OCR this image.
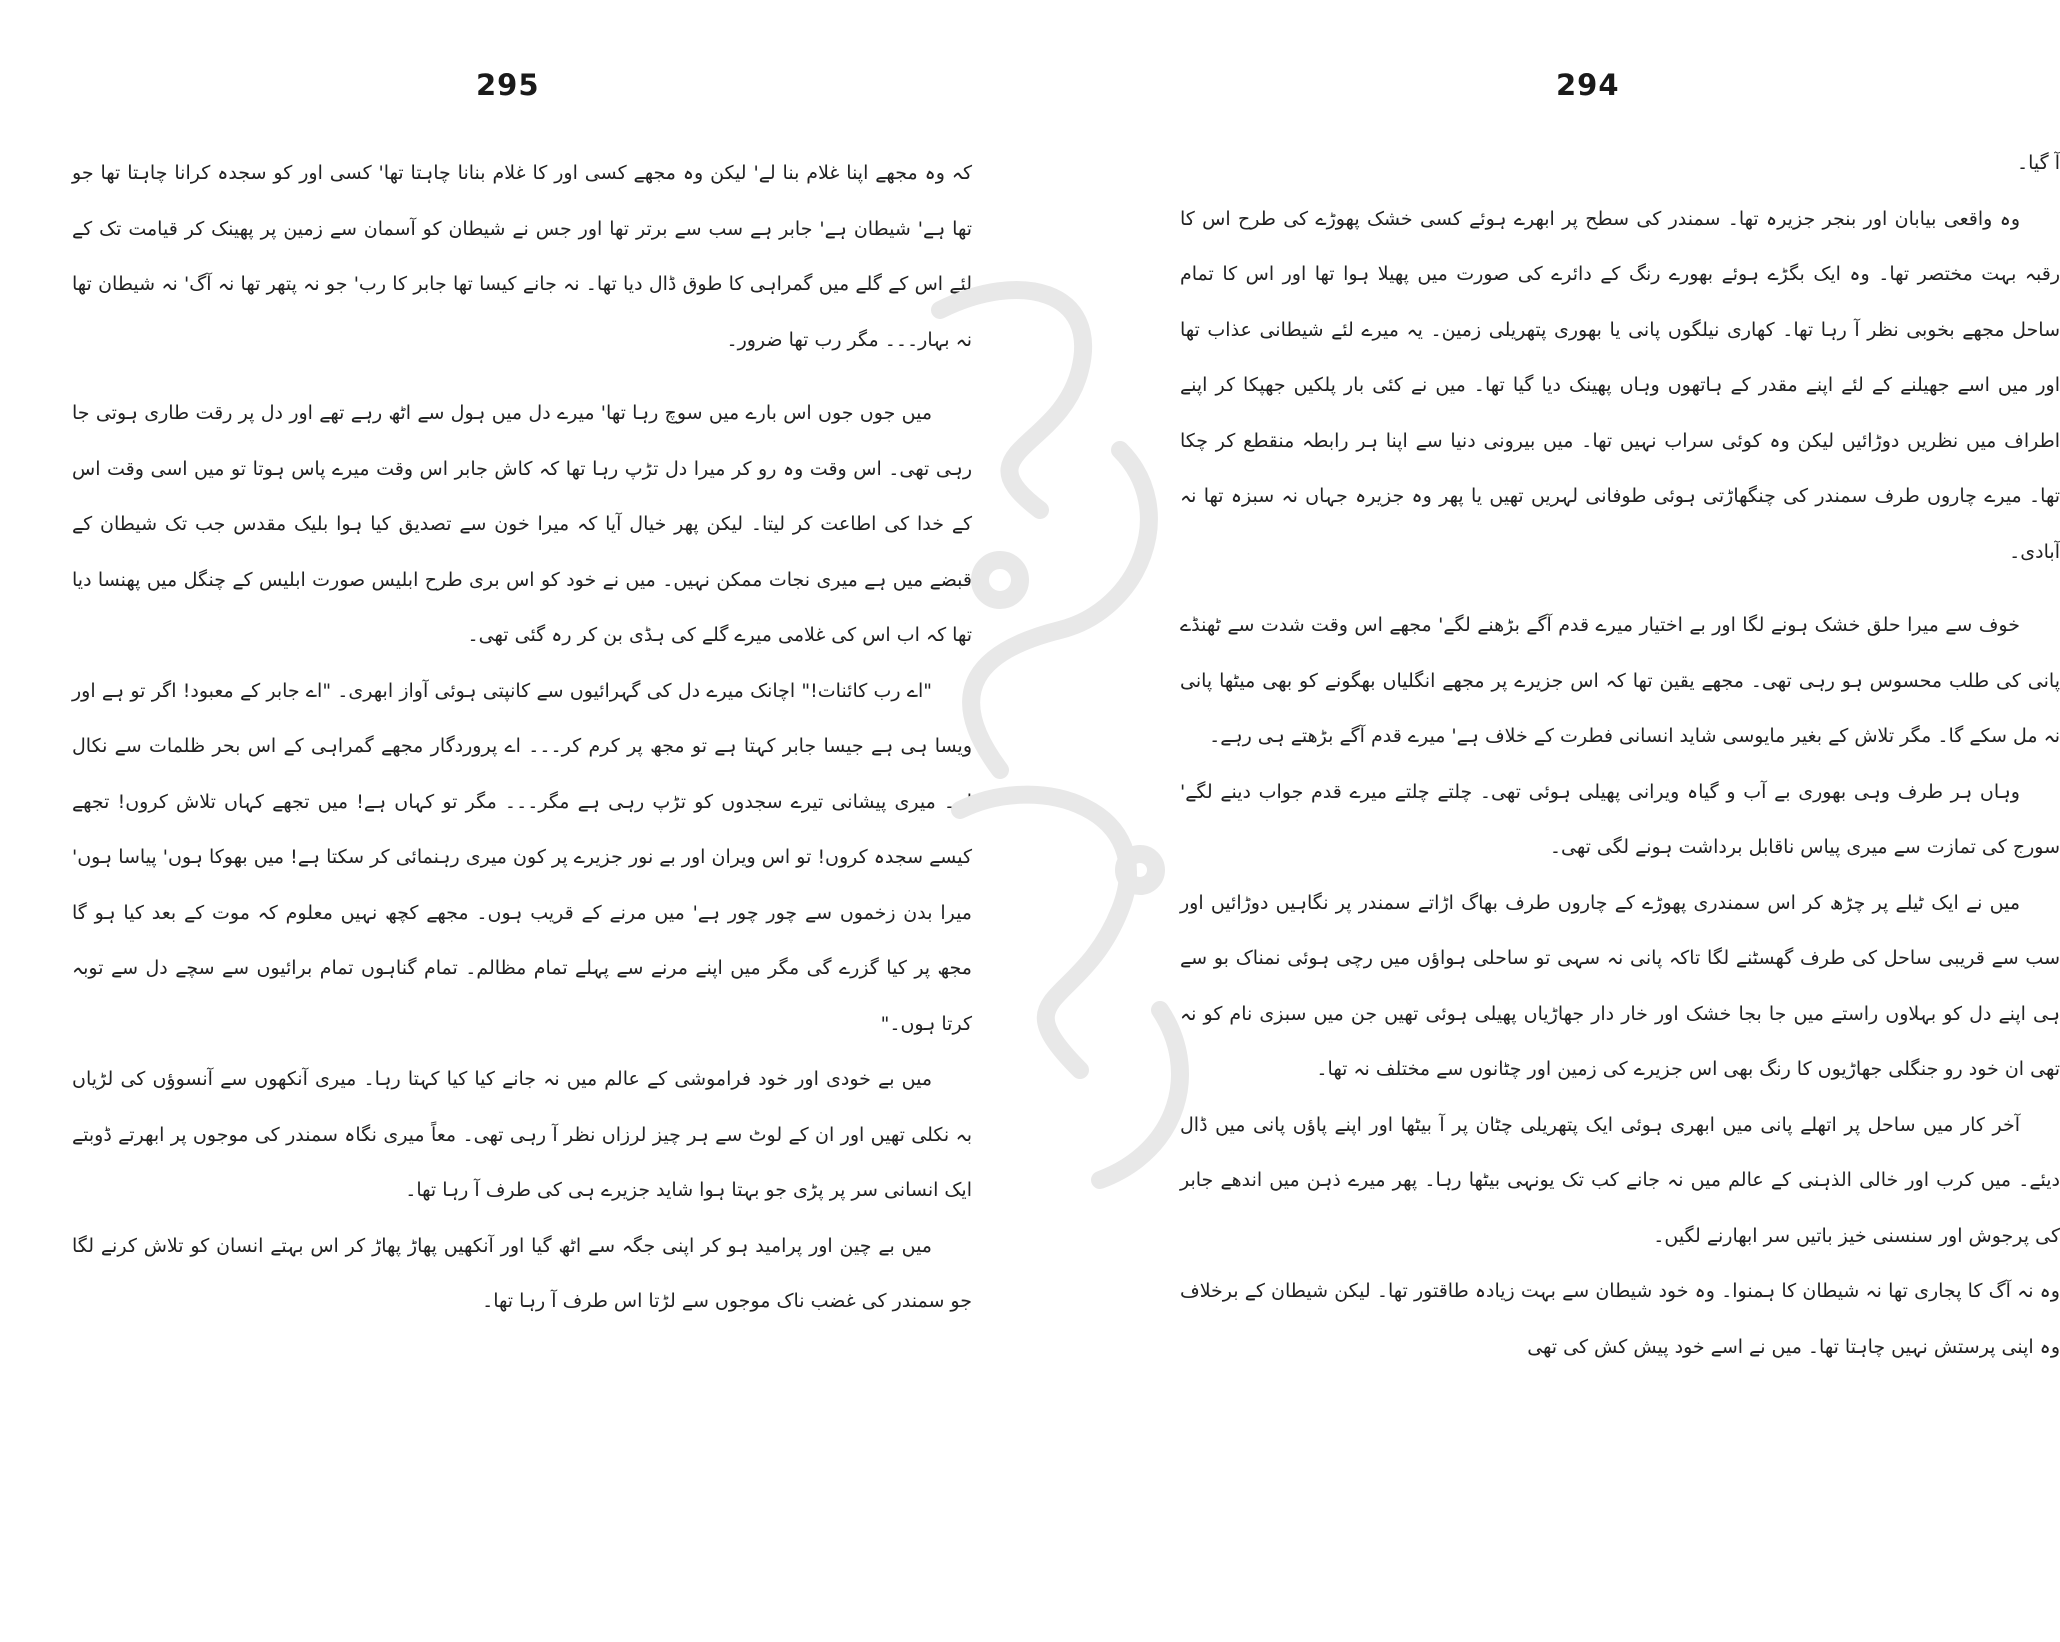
295

کہ وہ مجھے اپنا غلام بنا لے' لیکن وہ مجھے کسی اور کا غلام بنانا چاہتا تھا' کسی اور کو سجدہ کرانا چاہتا تھا جو تھا ہے' شیطان ہے' جابر ہے سب سے برتر تھا اور جس نے شیطان کو آسمان سے زمین پر پھینک کر قیامت تک کے لئے اس کے گلے میں گمراہی کا طوق ڈال دیا تھا۔ نہ جانے کیسا تھا جابر کا رب' جو نہ پتھر تھا نہ آگ' نہ شیطان تھا نہ بہار۔۔۔ مگر رب تھا ضرور۔

میں جوں جوں اس بارے میں سوچ رہا تھا' میرے دل میں ہول سے اٹھ رہے تھے اور دل پر رقت طاری ہوتی جا رہی تھی۔ اس وقت وہ رو کر میرا دل تڑپ رہا تھا کہ کاش جابر اس وقت میرے پاس ہوتا تو میں اسی وقت اس کے خدا کی اطاعت کر لیتا۔ لیکن پھر خیال آیا کہ میرا خون سے تصدیق کیا ہوا بلیک مقدس جب تک شیطان کے قبضے میں ہے میری نجات ممکن نہیں۔ میں نے خود کو اس بری طرح ابلیس صورت ابلیس کے چنگل میں پھنسا دیا تھا کہ اب اس کی غلامی میرے گلے کی ہڈی بن کر رہ گئی تھی۔

"اے رب کائنات!" اچانک میرے دل کی گہرائیوں سے کانپتی ہوئی آواز ابھری۔ "اے جابر کے معبود! اگر تو ہے اور ویسا ہی ہے جیسا جابر کہتا ہے تو مجھ پر کرم کر۔۔۔ اے پروردگار مجھے گمراہی کے اس بحر ظلمات سے نکال لے۔ میری پیشانی تیرے سجدوں کو تڑپ رہی ہے مگر۔۔۔ مگر تو کہاں ہے! میں تجھے کہاں تلاش کروں! تجھے کیسے سجدہ کروں! تو اس ویران اور بے نور جزیرے پر کون میری رہنمائی کر سکتا ہے! میں بھوکا ہوں' پیاسا ہوں' میرا بدن زخموں سے چور چور ہے' میں مرنے کے قریب ہوں۔ مجھے کچھ نہیں معلوم کہ موت کے بعد کیا ہو گا مجھ پر کیا گزرے گی مگر میں اپنے مرنے سے پہلے تمام مظالم۔ تمام گناہوں تمام برائیوں سے سچے دل سے توبہ کرتا ہوں۔"

میں بے خودی اور خود فراموشی کے عالم میں نہ جانے کیا کیا کہتا رہا۔ میری آنکھوں سے آنسوؤں کی لڑیاں بہ نکلی تھیں اور ان کے لوٹ سے ہر چیز لرزاں نظر آ رہی تھی۔ معاً میری نگاہ سمندر کی موجوں پر ابھرتے ڈوبتے ایک انسانی سر پر پڑی جو بہتا ہوا شاید جزیرے ہی کی طرف آ رہا تھا۔

میں بے چین اور پرامید ہو کر اپنی جگہ سے اٹھ گیا اور آنکھیں پھاڑ پھاڑ کر اس بہتے انسان کو تلاش کرنے لگا جو سمندر کی غضب ناک موجوں سے لڑتا اس طرف آ رہا تھا۔

294

آ گیا۔

وہ واقعی بیابان اور بنجر جزیرہ تھا۔ سمندر کی سطح پر ابھرے ہوئے کسی خشک پھوڑے کی طرح اس کا رقبہ بہت مختصر تھا۔ وہ ایک بگڑے ہوئے بھورے رنگ کے دائرے کی صورت میں پھیلا ہوا تھا اور اس کا تمام ساحل مجھے بخوبی نظر آ رہا تھا۔ کھاری نیلگوں پانی یا بھوری پتھریلی زمین۔ یہ میرے لئے شیطانی عذاب تھا اور میں اسے جھیلنے کے لئے اپنے مقدر کے ہاتھوں وہاں پھینک دیا گیا تھا۔ میں نے کئی بار پلکیں جھپکا کر اپنے اطراف میں نظریں دوڑائیں لیکن وہ کوئی سراب نہیں تھا۔ میں بیرونی دنیا سے اپنا ہر رابطہ منقطع کر چکا تھا۔ میرے چاروں طرف سمندر کی چنگھاڑتی ہوئی طوفانی لہریں تھیں یا پھر وہ جزیرہ جہاں نہ سبزہ تھا نہ آبادی۔

خوف سے میرا حلق خشک ہونے لگا اور بے اختیار میرے قدم آگے بڑھنے لگے' مجھے اس وقت شدت سے ٹھنڈے پانی کی طلب محسوس ہو رہی تھی۔ مجھے یقین تھا کہ اس جزیرے پر مجھے انگلیاں بھگونے کو بھی میٹھا پانی نہ مل سکے گا۔ مگر تلاش کے بغیر مایوسی شاید انسانی فطرت کے خلاف ہے' میرے قدم آگے بڑھتے ہی رہے۔

وہاں ہر طرف وہی بھوری بے آب و گیاہ ویرانی پھیلی ہوئی تھی۔ چلتے چلتے میرے قدم جواب دینے لگے' سورج کی تمازت سے میری پیاس ناقابل برداشت ہونے لگی تھی۔

میں نے ایک ٹیلے پر چڑھ کر اس سمندری پھوڑے کے چاروں طرف بھاگ اڑاتے سمندر پر نگاہیں دوڑائیں اور سب سے قریبی ساحل کی طرف گھسٹنے لگا تاکہ پانی نہ سہی تو ساحلی ہواؤں میں رچی ہوئی نمناک بو سے ہی اپنے دل کو بہلاوں راستے میں جا بجا خشک اور خار دار جھاڑیاں پھیلی ہوئی تھیں جن میں سبزی نام کو نہ تھی ان خود رو جنگلی جھاڑیوں کا رنگ بھی اس جزیرے کی زمین اور چٹانوں سے مختلف نہ تھا۔

آخر کار میں ساحل پر اتھلے پانی میں ابھری ہوئی ایک پتھریلی چٹان پر آ بیٹھا اور اپنے پاؤں پانی میں ڈال دیئے۔ میں کرب اور خالی الذہنی کے عالم میں نہ جانے کب تک یونہی بیٹھا رہا۔ پھر میرے ذہن میں اندھے جابر کی پرجوش اور سنسنی خیز باتیں سر ابھارنے لگیں۔

وہ نہ آگ کا پجاری تھا نہ شیطان کا ہمنوا۔ وہ خود شیطان سے بہت زیادہ طاقتور تھا۔ لیکن شیطان کے برخلاف وہ اپنی پرستش نہیں چاہتا تھا۔ میں نے اسے خود پیش کش کی تھی
